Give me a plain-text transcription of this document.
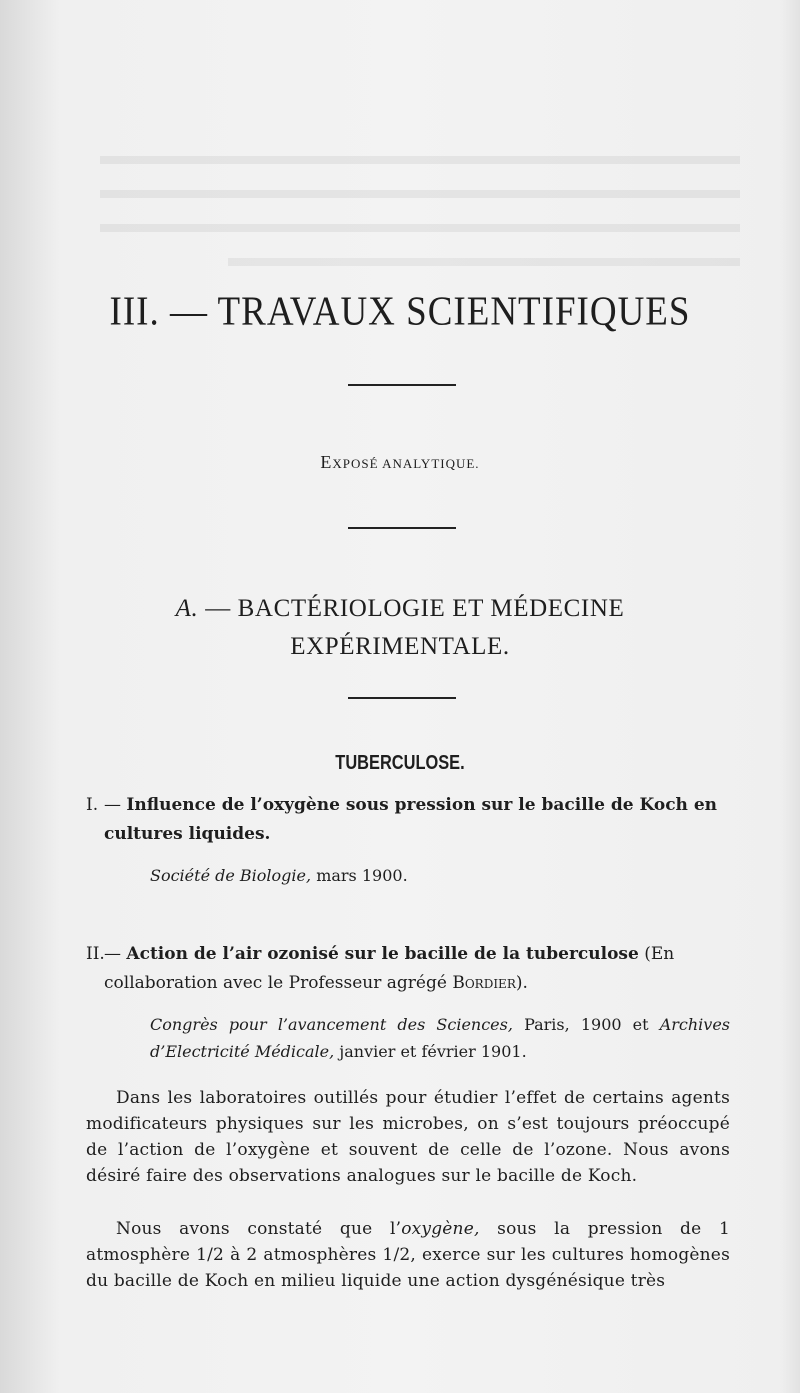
III. — TRAVAUX SCIENTIFIQUES
EXPOSÉ ANALYTIQUE.
A. — BACTÉRIOLOGIE ET MÉDECINE
EXPÉRIMENTALE.
TUBERCULOSE.
I. — Influence de l’oxygène sous pression sur le bacille de Koch en cultures liquides.
Société de Biologie, mars 1900.
II. — Action de l’air ozonisé sur le bacille de la tuberculose (En collaboration avec le Professeur agrégé Bordier).
Congrès pour l’avancement des Sciences, Paris, 1900 et Archives d’Electricité Médicale, janvier et février 1901.
Dans les laboratoires outillés pour étudier l’effet de certains agents modificateurs physiques sur les microbes, on s’est toujours préoccupé de l’action de l’oxygène et souvent de celle de l’ozone. Nous avons désiré faire des observations analogues sur le bacille de Koch.
Nous avons constaté que l’oxygène, sous la pression de 1 atmosphère 1/2 à 2 atmosphères 1/2, exerce sur les cultures homogènes du bacille de Koch en milieu liquide une action dysgénésique très
